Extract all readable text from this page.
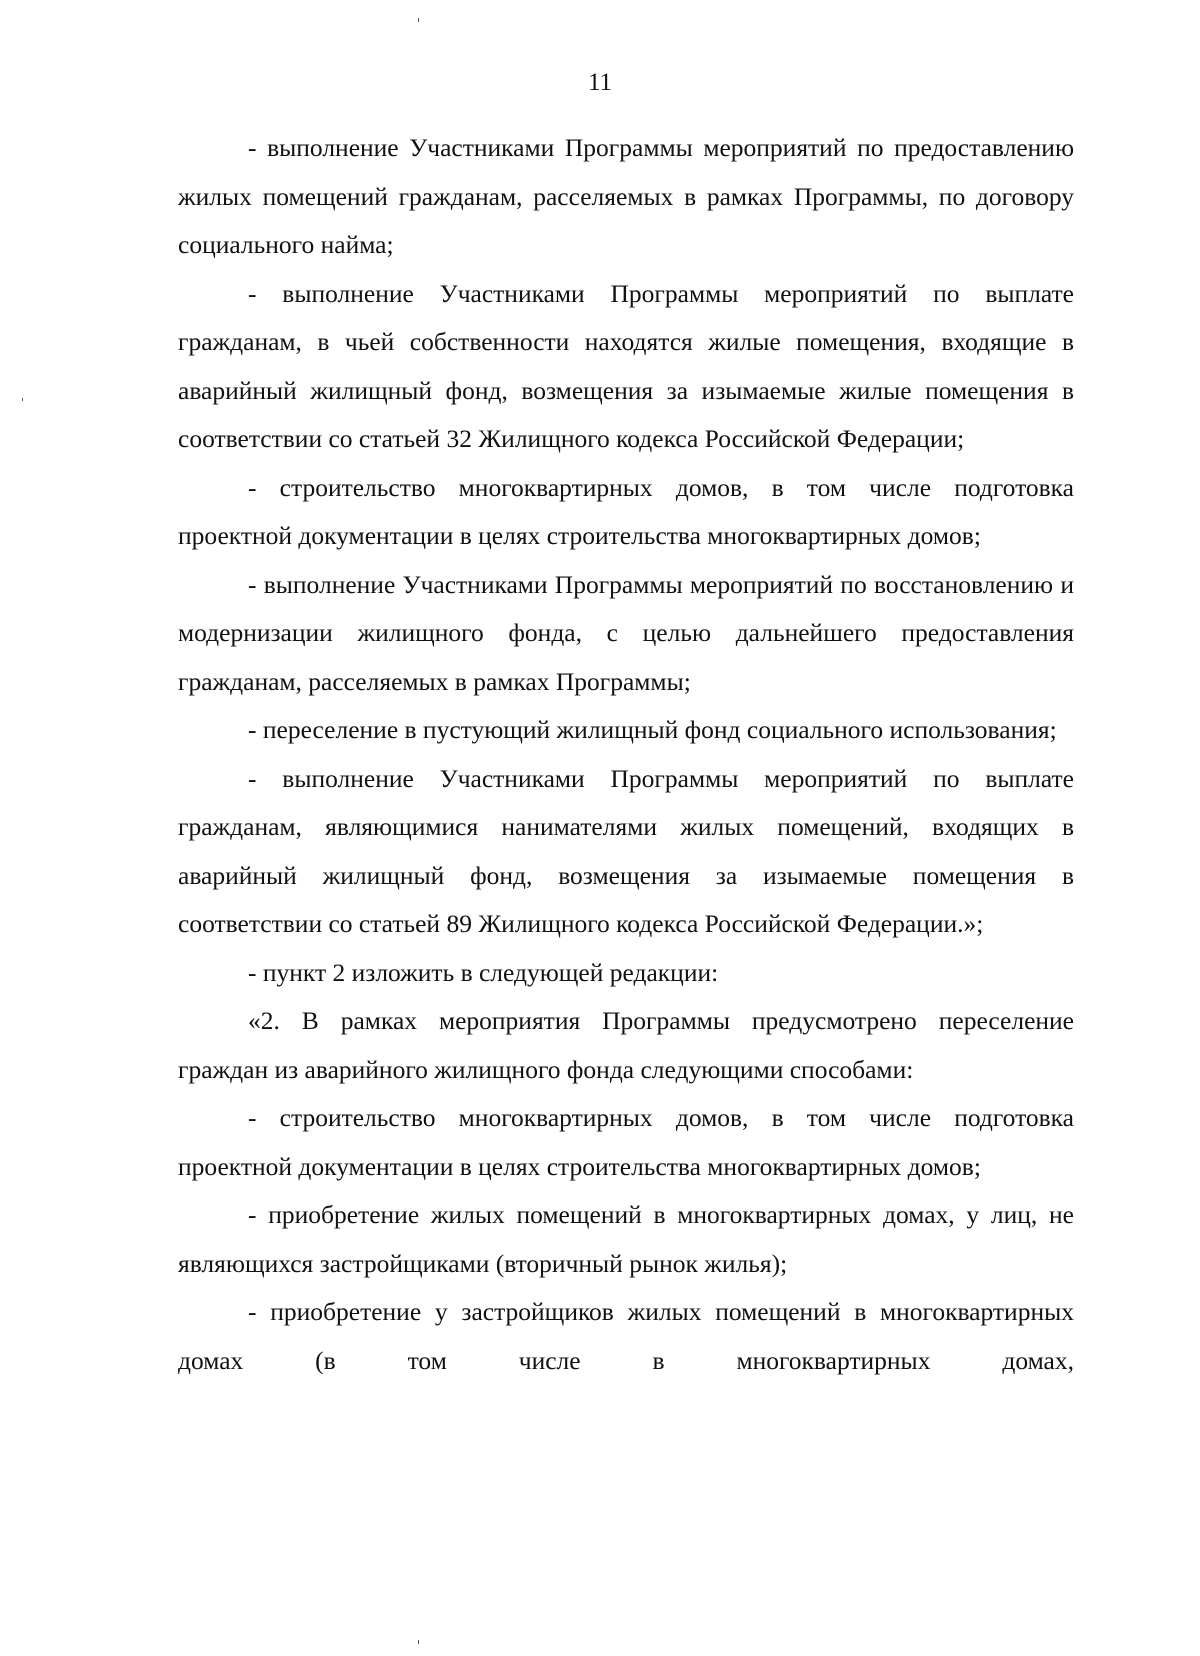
11

- выполнение Участниками Программы мероприятий по предоставлению жилых помещений гражданам, расселяемых в рамках Программы, по договору социального найма;

- выполнение Участниками Программы мероприятий по выплате гражданам, в чьей собственности находятся жилые помещения, входящие в аварийный жилищный фонд, возмещения за изымаемые жилые помещения в соответствии со статьей 32 Жилищного кодекса Российской Федерации;

- строительство многоквартирных домов, в том числе подготовка проектной документации в целях строительства многоквартирных домов;

- выполнение Участниками Программы мероприятий по восстановлению и модернизации жилищного фонда, с целью дальнейшего предоставления гражданам, расселяемых в рамках Программы;

- переселение в пустующий жилищный фонд социального использования;

- выполнение Участниками Программы мероприятий по выплате гражданам, являющимися нанимателями жилых помещений, входящих в аварийный жилищный фонд, возмещения за изымаемые помещения в соответствии со статьей 89 Жилищного кодекса Российской Федерации.»;

- пункт 2 изложить в следующей редакции:

«2. В рамках мероприятия Программы предусмотрено переселение граждан из аварийного жилищного фонда следующими способами:

- строительство многоквартирных домов, в том числе подготовка проектной документации в целях строительства многоквартирных домов;

- приобретение жилых помещений в многоквартирных домах, у лиц, не являющихся застройщиками (вторичный рынок жилья);

- приобретение у застройщиков жилых помещений в многоквартирных домах (в том числе в многоквартирных домах,
